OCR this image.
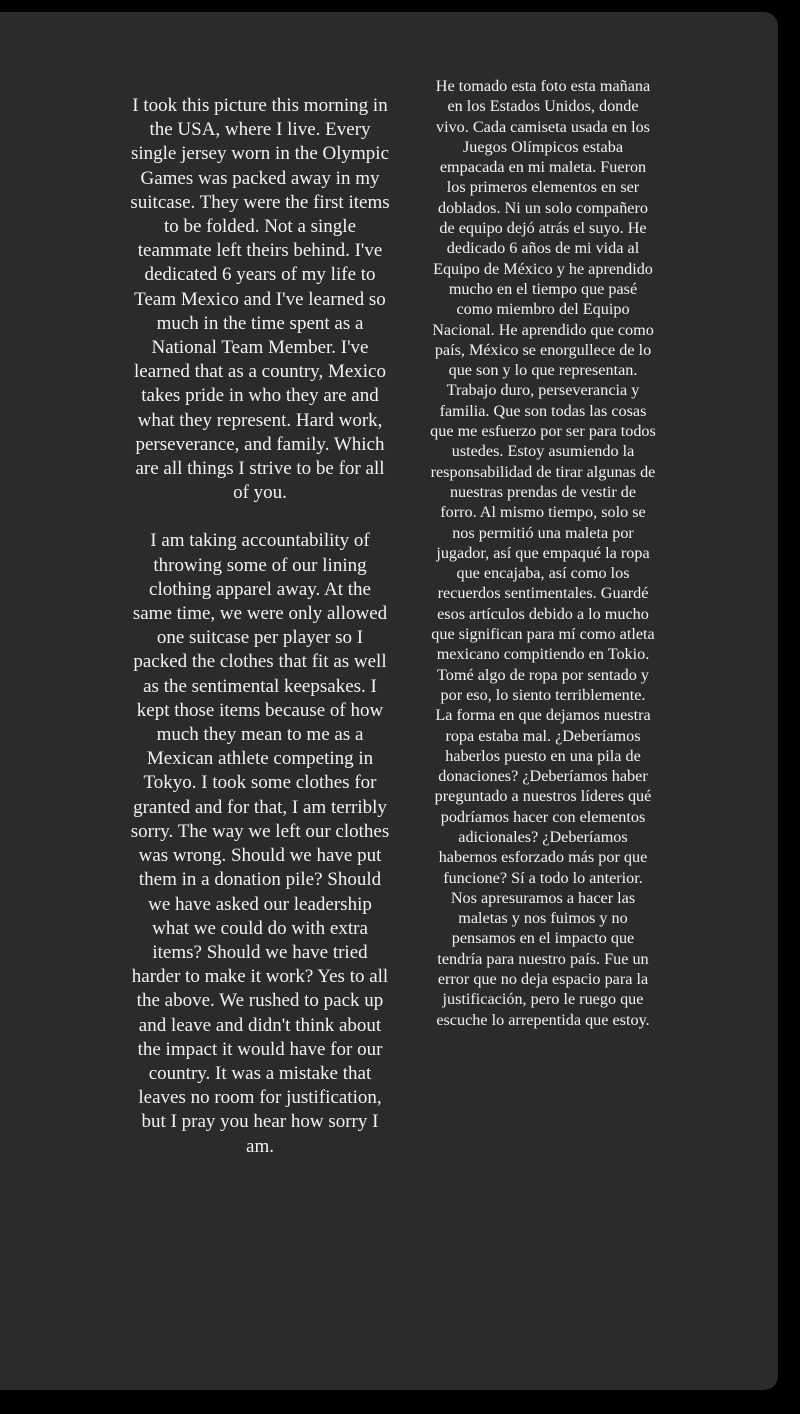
I took this picture this morning in the USA, where I live. Every single jersey worn in the Olympic Games was packed away in my suitcase. They were the first items to be folded. Not a single teammate left theirs behind. I've dedicated 6 years of my life to Team Mexico and I've learned so much in the time spent as a National Team Member. I've learned that as a country, Mexico takes pride in who they are and what they represent. Hard work, perseverance, and family. Which are all things I strive to be for all of you.

I am taking accountability of throwing some of our lining clothing apparel away. At the same time, we were only allowed one suitcase per player so I packed the clothes that fit as well as the sentimental keepsakes. I kept those items because of how much they mean to me as a Mexican athlete competing in Tokyo. I took some clothes for granted and for that, I am terribly sorry. The way we left our clothes was wrong. Should we have put them in a donation pile? Should we have asked our leadership what we could do with extra items? Should we have tried harder to make it work? Yes to all the above. We rushed to pack up and leave and didn't think about the impact it would have for our country. It was a mistake that leaves no room for justification, but I pray you hear how sorry I am.

He tomado esta foto esta mañana en los Estados Unidos, donde vivo. Cada camiseta usada en los Juegos Olímpicos estaba empacada en mi maleta. Fueron los primeros elementos en ser doblados. Ni un solo compañero de equipo dejó atrás el suyo. He dedicado 6 años de mi vida al Equipo de México y he aprendido mucho en el tiempo que pasé como miembro del Equipo Nacional. He aprendido que como país, México se enorgullece de lo que son y lo que representan. Trabajo duro, perseverancia y familia. Que son todas las cosas que me esfuerzo por ser para todos ustedes. Estoy asumiendo la responsabilidad de tirar algunas de nuestras prendas de vestir de forro. Al mismo tiempo, solo se nos permitió una maleta por jugador, así que empaqué la ropa que encajaba, así como los recuerdos sentimentales. Guardé esos artículos debido a lo mucho que significan para mí como atleta mexicano compitiendo en Tokio. Tomé algo de ropa por sentado y por eso, lo siento terriblemente. La forma en que dejamos nuestra ropa estaba mal. ¿Deberíamos haberlos puesto en una pila de donaciones? ¿Deberíamos haber preguntado a nuestros líderes qué podríamos hacer con elementos adicionales? ¿Deberíamos habernos esforzado más por que funcione? Sí a todo lo anterior. Nos apresuramos a hacer las maletas y nos fuimos y no pensamos en el impacto que tendría para nuestro país. Fue un error que no deja espacio para la justificación, pero le ruego que escuche lo arrepentida que estoy.
